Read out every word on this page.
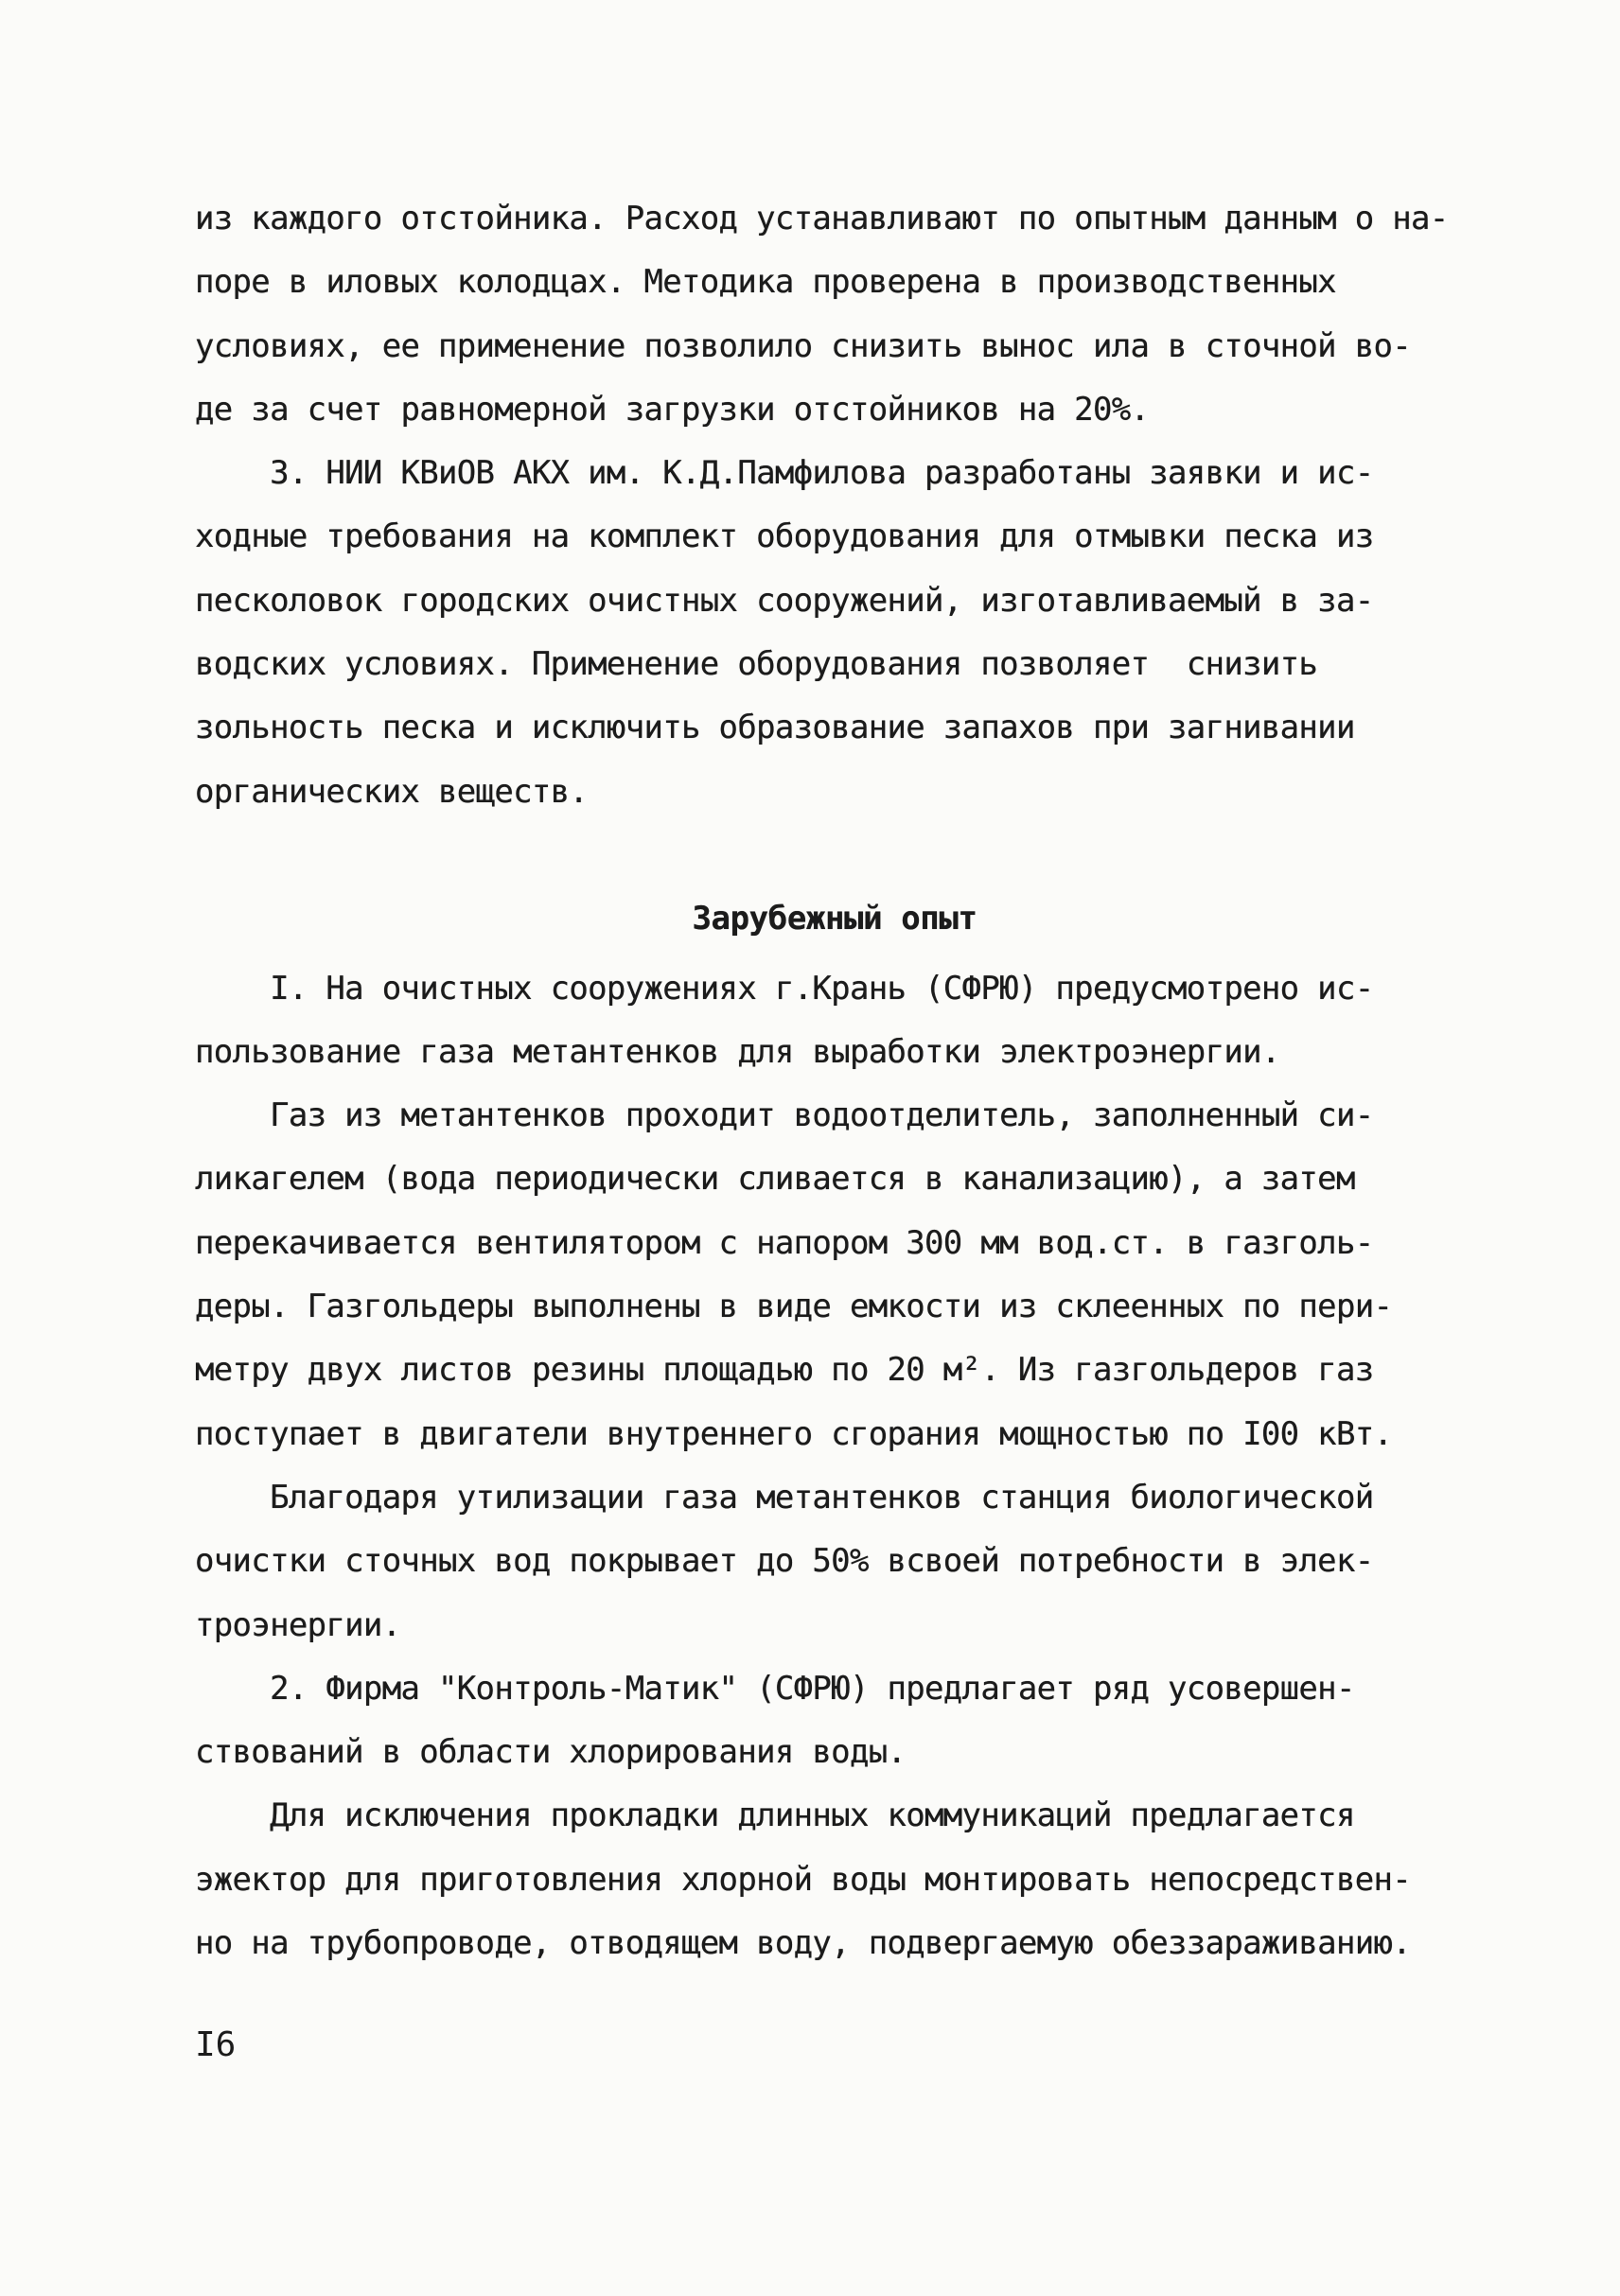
из каждого отстойника. Расход устанавливают по опытным данным о на-
поре в иловых колодцах. Методика проверена в производственных
условиях, ее применение позволило снизить вынос ила в сточной во-
де за счет равномерной загрузки отстойников на 20%.
3. НИИ КВиОВ АКХ им. К.Д.Памфилова разработаны заявки и ис-
ходные требования на комплект оборудования для отмывки песка из
песколовок городских очистных сооружений, изготавливаемый в за-
водских условиях. Применение оборудования позволяет  снизить
зольность песка и исключить образование запахов при загнивании
органических веществ.
Зарубежный опыт
I. На очистных сооружениях г.Крань (СФРЮ) предусмотрено ис-
пользование газа метантенков для выработки электроэнергии.
Газ из метантенков проходит водоотделитель, заполненный си-
ликагелем (вода периодически сливается в канализацию), а затем
перекачивается вентилятором с напором 300 мм вод.ст. в газголь-
деры. Газгольдеры выполнены в виде емкости из склеенных по пери-
метру двух листов резины площадью по 20 м². Из газгольдеров газ
поступает в двигатели внутреннего сгорания мощностью по I00 кВт.
Благодаря утилизации газа метантенков станция биологической
очистки сточных вод покрывает до 50% всвоей потребности в элек-
троэнергии.
2. Фирма "Контроль-Матик" (СФРЮ) предлагает ряд усовершен-
ствований в области хлорирования воды.
Для исключения прокладки длинных коммуникаций предлагается
эжектор для приготовления хлорной воды монтировать непосредствен-
но на трубопроводе, отводящем воду, подвергаемую обеззараживанию.
I6
